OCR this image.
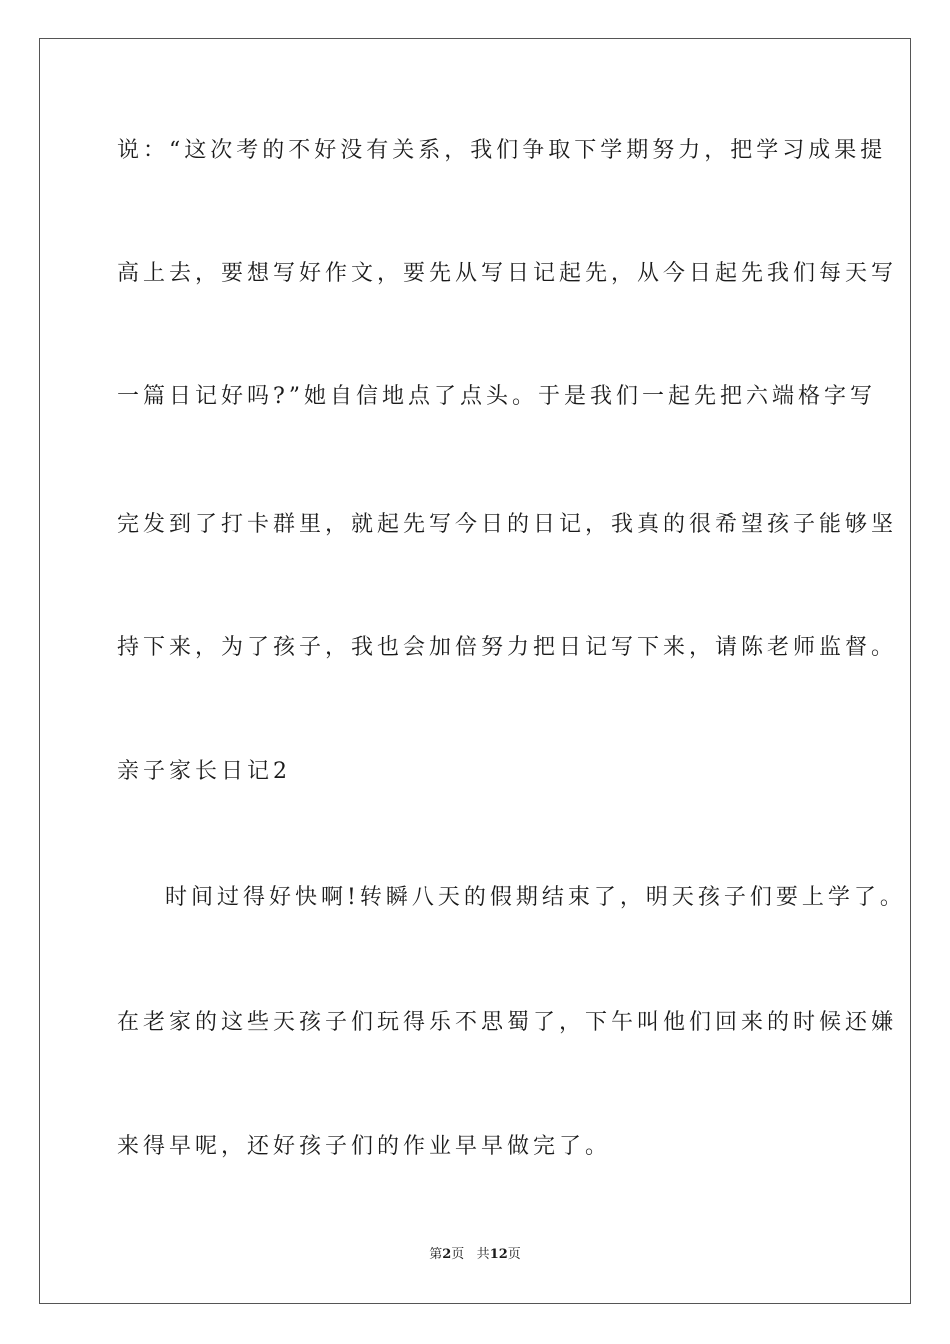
说：“这次考的不好没有关系，我们争取下学期努力，把学习成果提
高上去，要想写好作文，要先从写日记起先，从今日起先我们每天写
一篇日记好吗?”她自信地点了点头。于是我们一起先把六端格字写
完发到了打卡群里，就起先写今日的日记，我真的很希望孩子能够坚
持下来，为了孩子，我也会加倍努力把日记写下来，请陈老师监督。
亲子家长日记2
时间过得好快啊!转瞬八天的假期结束了，明天孩子们要上学了。
在老家的这些天孩子们玩得乐不思蜀了，下午叫他们回来的时候还嫌
来得早呢，还好孩子们的作业早早做完了。
第2页 共12页
